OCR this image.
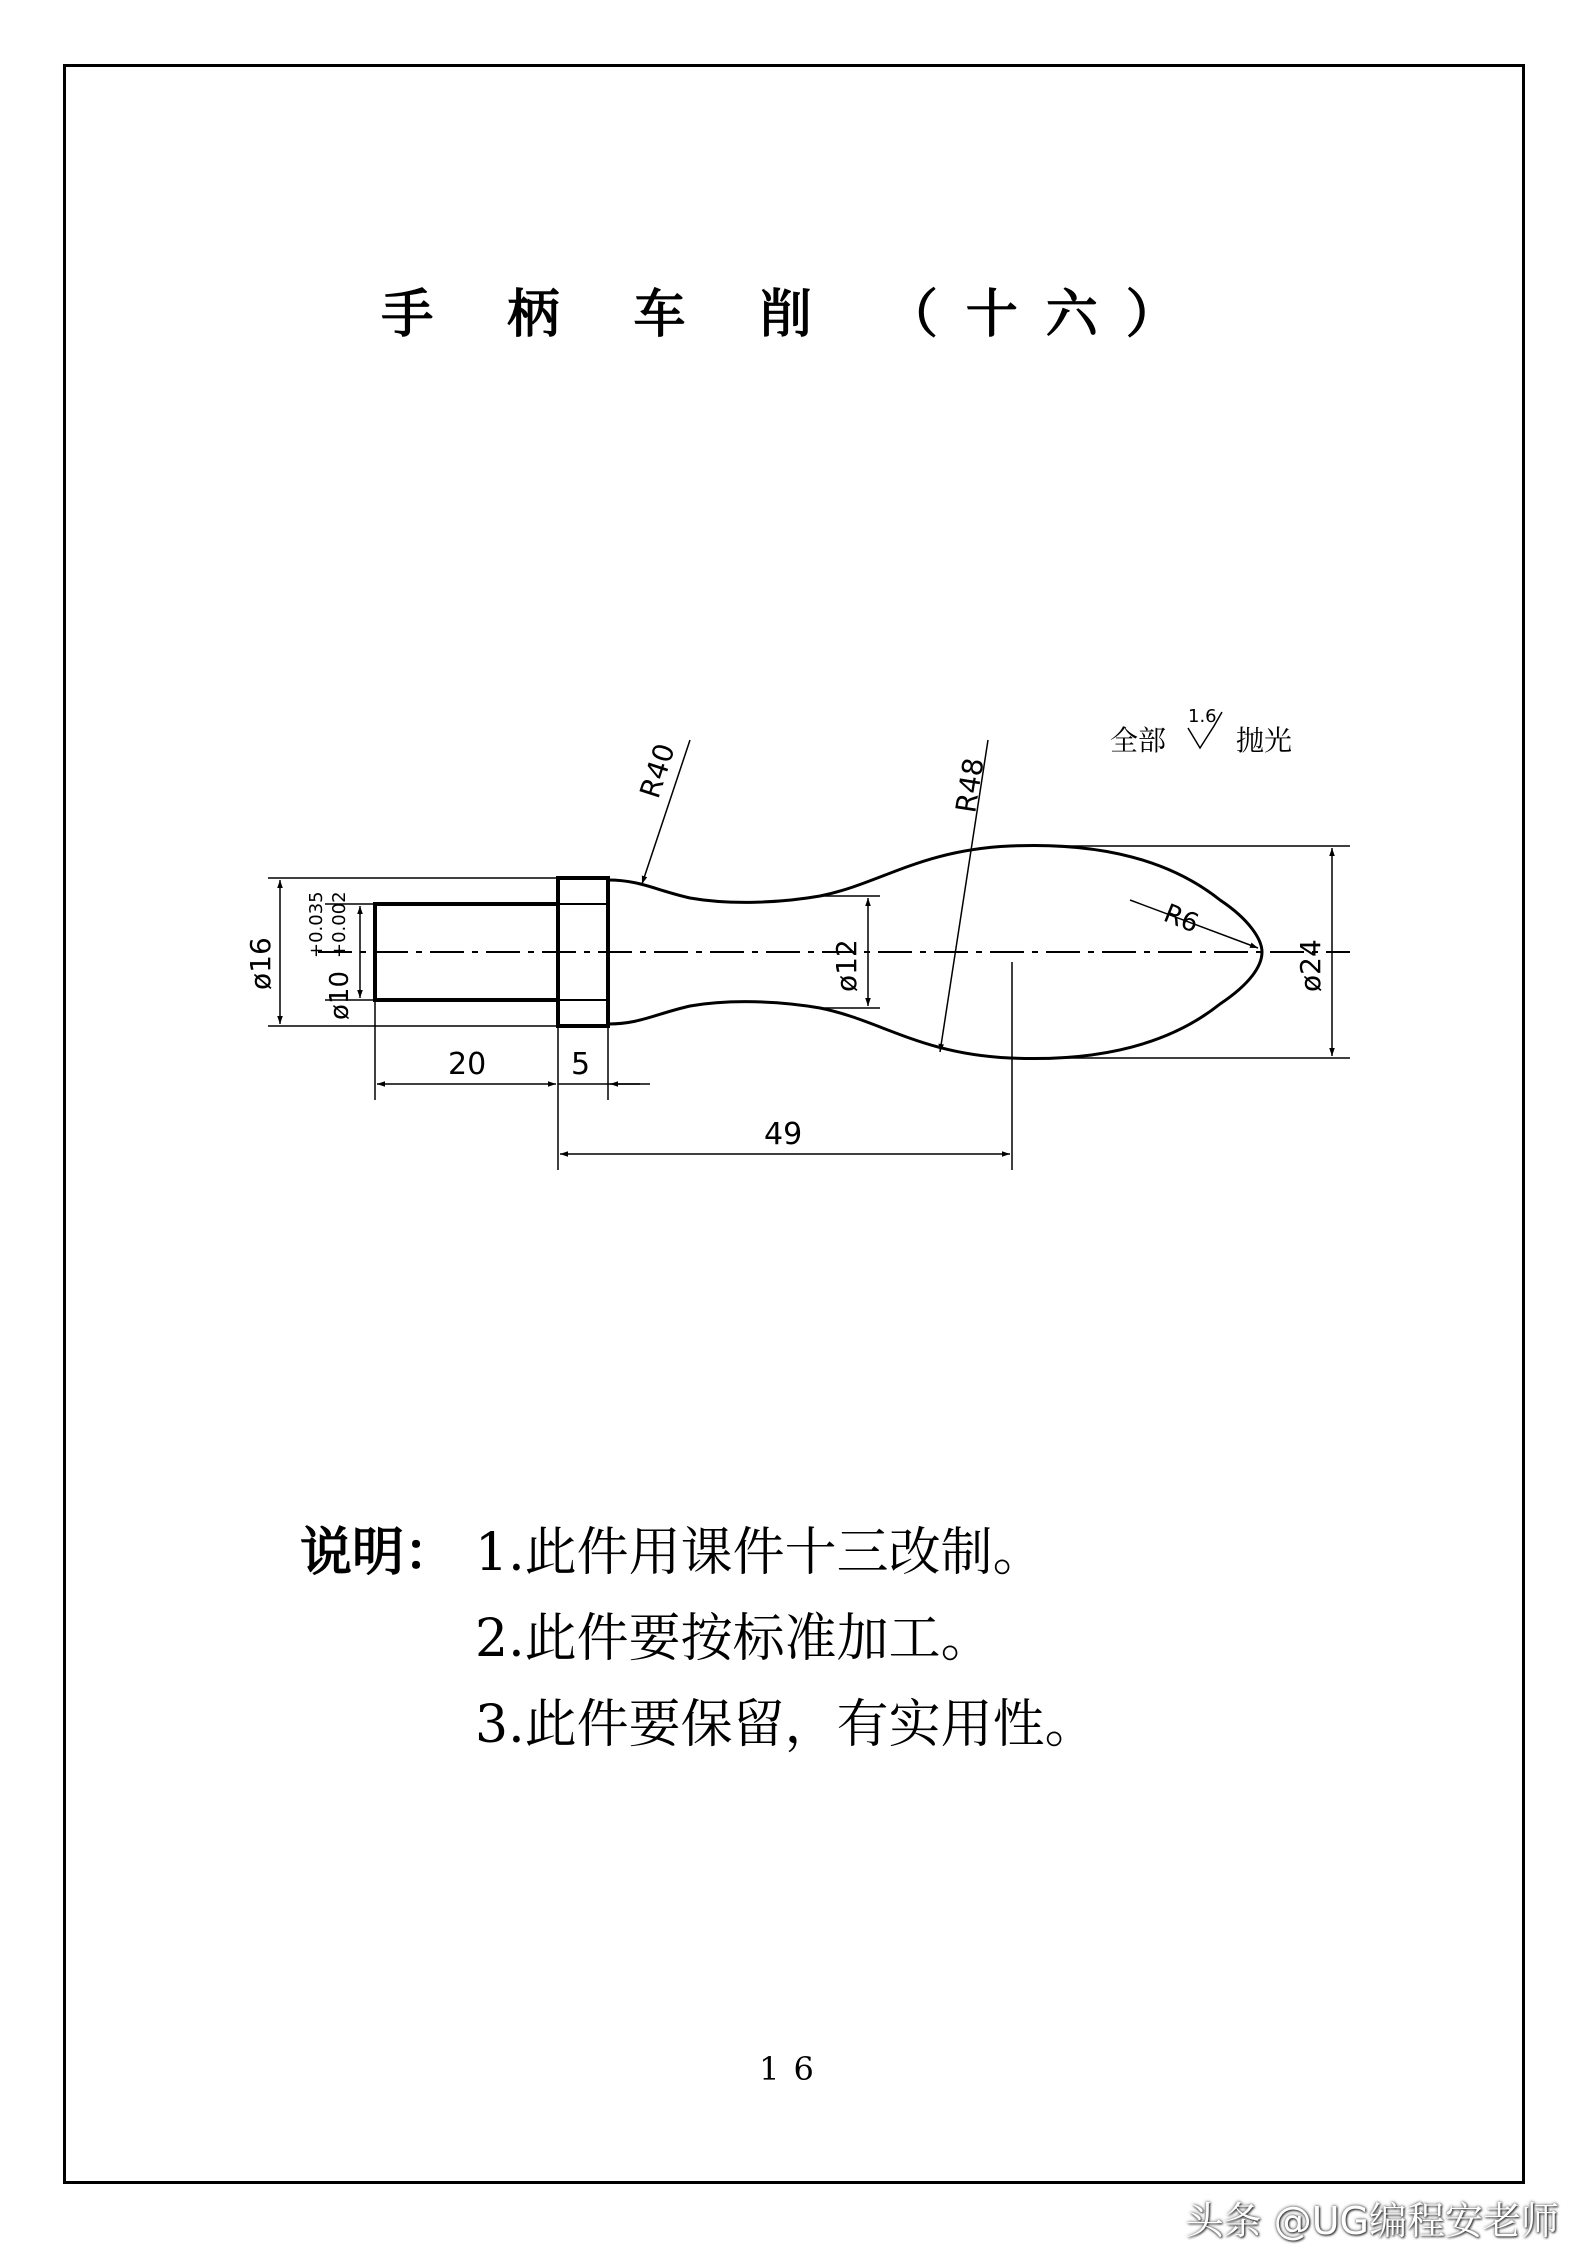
手 柄 车 削 （十六）
ø16
ø10
+0.035 +0.002
ø12	ø24
R40	R48
R6
20	5
49
全部
1.6
抛光
说明： 1.此件用课件十三改制。
2.此件要按标准加工。
3.此件要保留，有实用性。
16
头条 @UG编程安老师
